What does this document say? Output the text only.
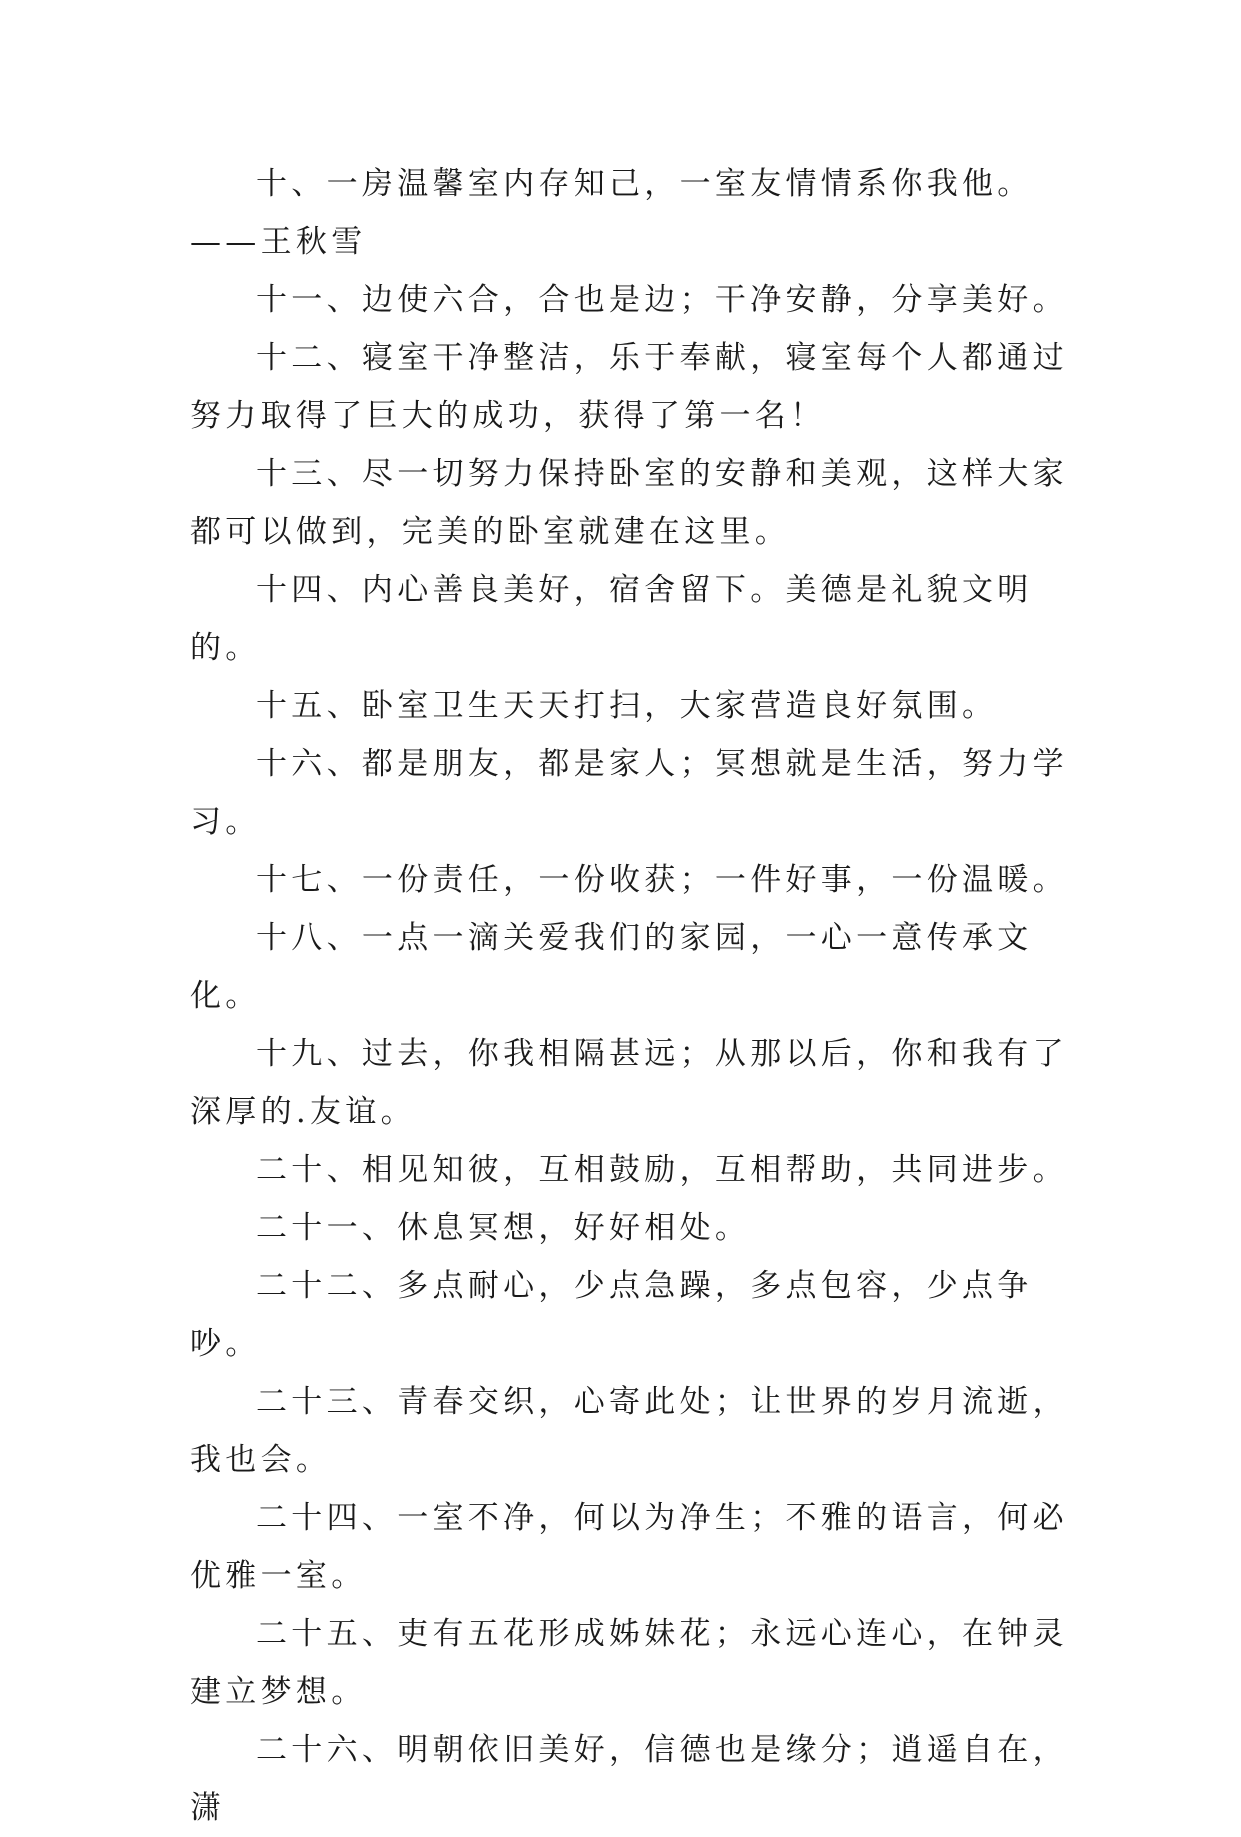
十、一房温馨室内存知己，一室友情情系你我他。——王秋雪

十一、边使六合，合也是边；干净安静，分享美好。

十二、寝室干净整洁，乐于奉献，寝室每个人都通过努力取得了巨大的成功，获得了第一名！

十三、尽一切努力保持卧室的安静和美观，这样大家都可以做到，完美的卧室就建在这里。

十四、内心善良美好，宿舍留下。美德是礼貌文明的。

十五、卧室卫生天天打扫，大家营造良好氛围。

十六、都是朋友，都是家人；冥想就是生活，努力学习。

十七、一份责任，一份收获；一件好事，一份温暖。

十八、一点一滴关爱我们的家园，一心一意传承文化。

十九、过去，你我相隔甚远；从那以后，你和我有了深厚的.友谊。

二十、相见知彼，互相鼓励，互相帮助，共同进步。

二十一、休息冥想，好好相处。

二十二、多点耐心，少点急躁，多点包容，少点争吵。

二十三、青春交织，心寄此处；让世界的岁月流逝，我也会。

二十四、一室不净，何以为净生；不雅的语言，何必优雅一室。

二十五、吏有五花形成姊妹花；永远心连心，在钟灵建立梦想。

二十六、明朝依旧美好，信德也是缘分；逍遥自在，潇
